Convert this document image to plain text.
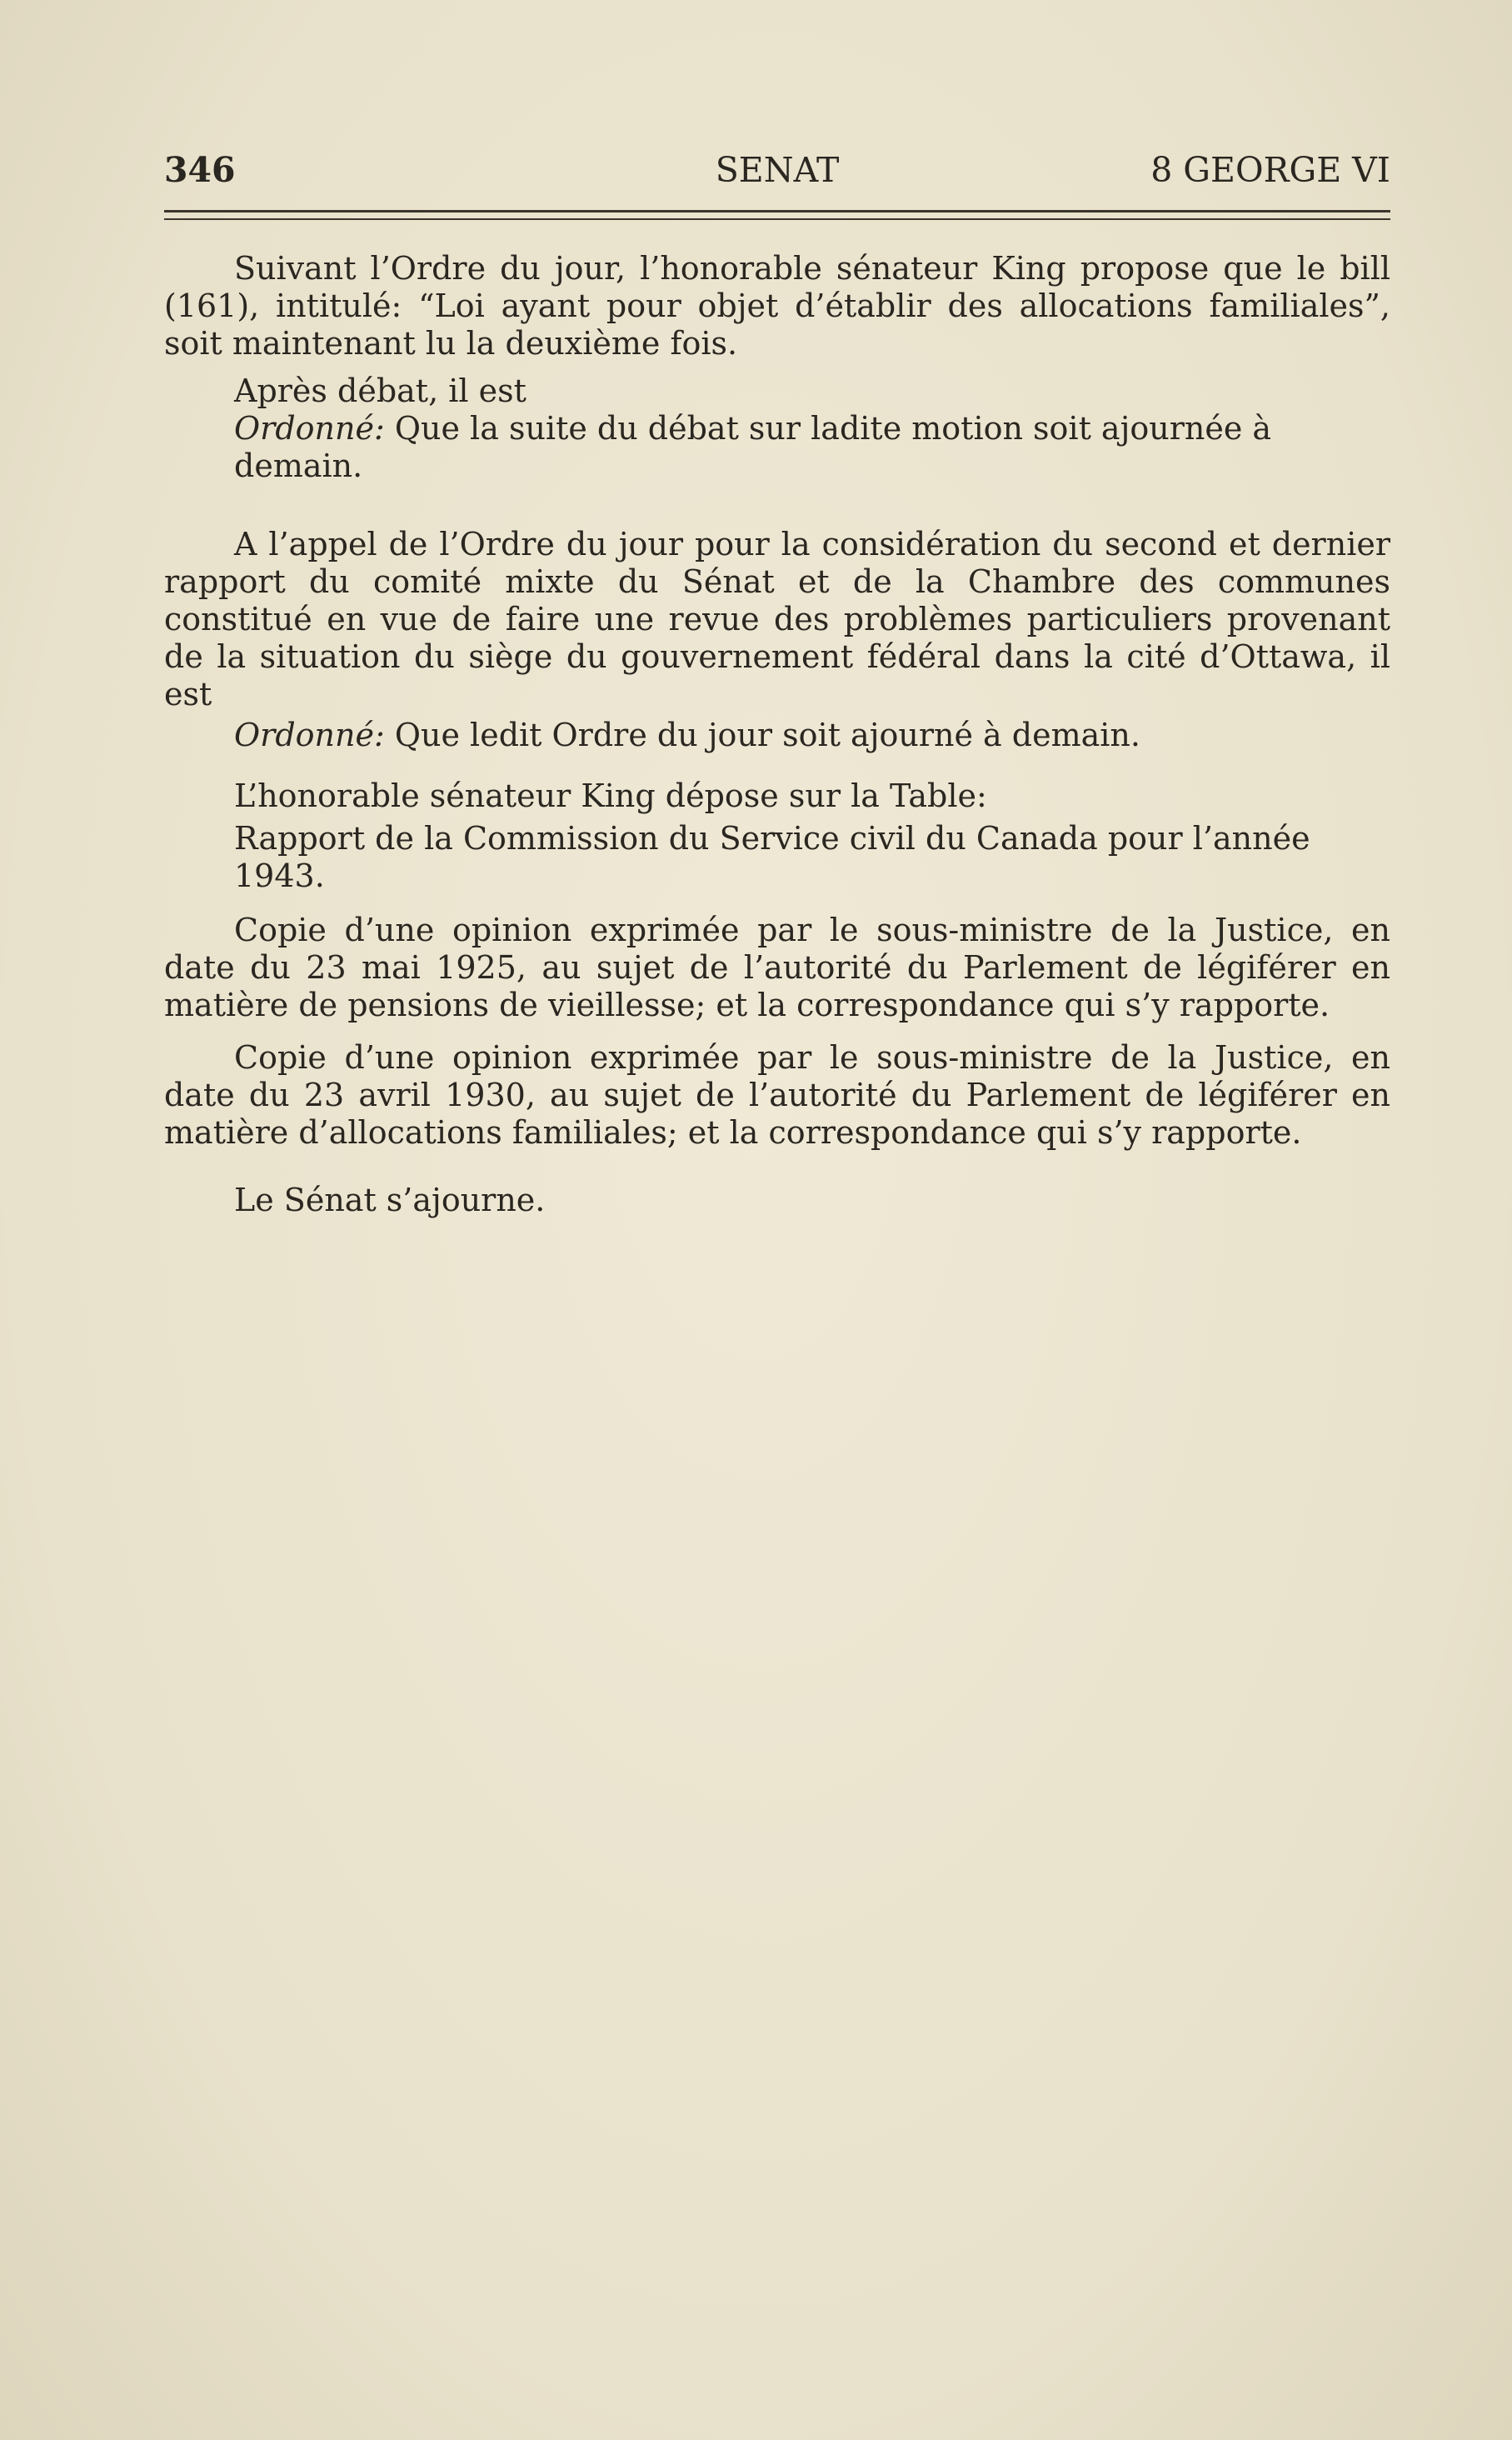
346	SENAT	8 GEORGE VI

Suivant l’Ordre du jour, l’honorable sénateur King propose que le bill (161), intitulé: “Loi ayant pour objet d’établir des allocations familiales”, soit maintenant lu la deuxième fois.

Après débat, il est
Ordonné: Que la suite du débat sur ladite motion soit ajournée à demain.

A l’appel de l’Ordre du jour pour la considération du second et dernier rapport du comité mixte du Sénat et de la Chambre des communes constitué en vue de faire une revue des problèmes particuliers provenant de la situation du siège du gouvernement fédéral dans la cité d’Ottawa, il est

Ordonné: Que ledit Ordre du jour soit ajourné à demain.
L’honorable sénateur King dépose sur la Table:
Rapport de la Commission du Service civil du Canada pour l’année 1943.

Copie d’une opinion exprimée par le sous-ministre de la Justice, en date du 23 mai 1925, au sujet de l’autorité du Parlement de légiférer en matière de pensions de vieillesse; et la correspondance qui s’y rapporte.

Copie d’une opinion exprimée par le sous-ministre de la Justice, en date du 23 avril 1930, au sujet de l’autorité du Parlement de légiférer en matière d’allocations familiales; et la correspondance qui s’y rapporte.

Le Sénat s’ajourne.
